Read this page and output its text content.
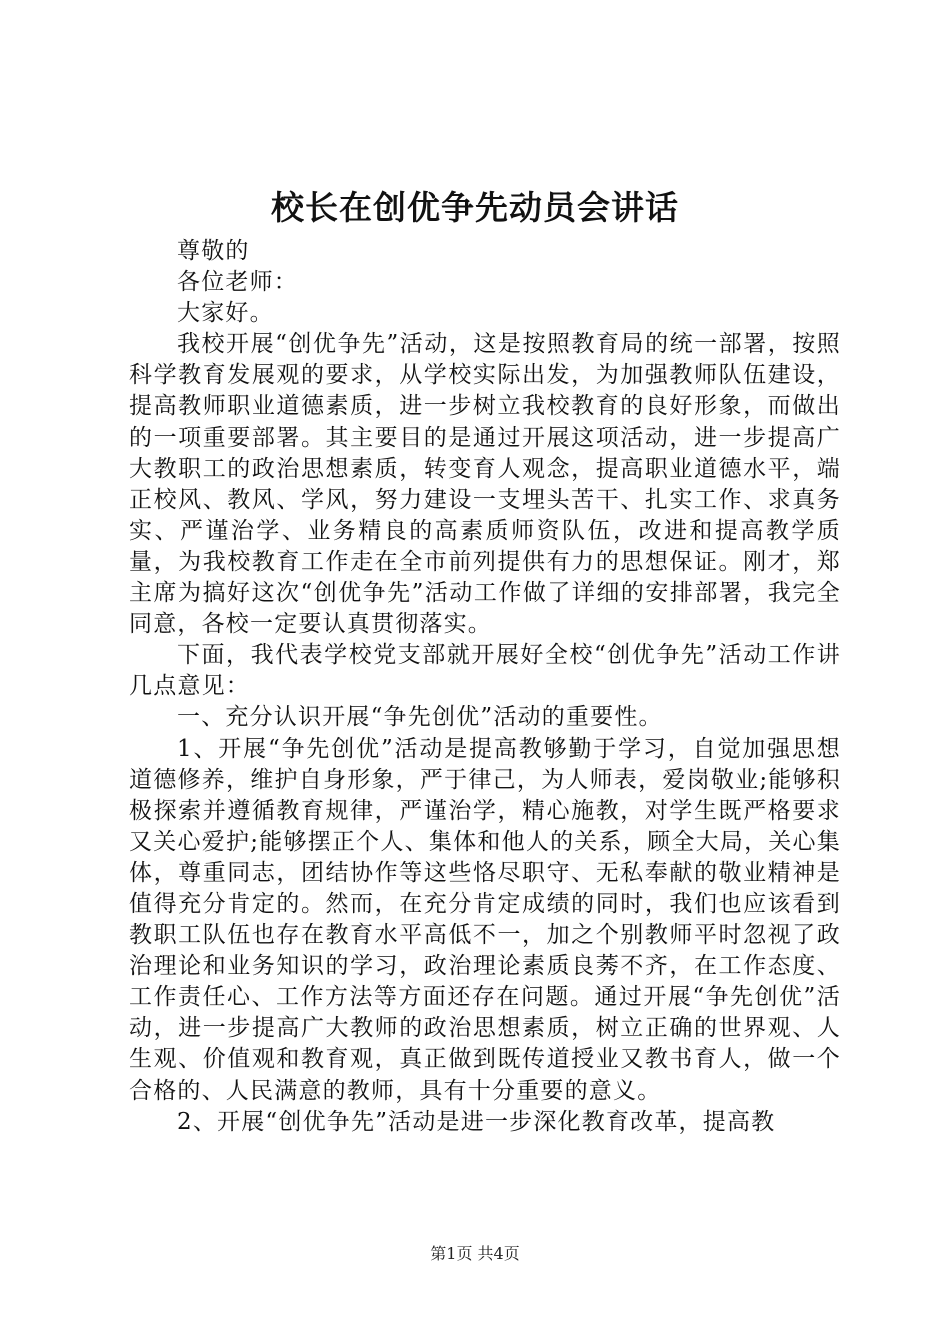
校长在创优争先动员会讲话

尊敬的

各位老师：

大家好。

我校开展“创优争先”活动，这是按照教育局的统一部署，按照科学教育发展观的要求，从学校实际出发，为加强教师队伍建设，提高教师职业道德素质，进一步树立我校教育的良好形象，而做出的一项重要部署。其主要目的是通过开展这项活动，进一步提高广大教职工的政治思想素质，转变育人观念，提高职业道德水平，端正校风、教风、学风，努力建设一支埋头苦干、扎实工作、求真务实、严谨治学、业务精良的高素质师资队伍，改进和提高教学质量，为我校教育工作走在全市前列提供有力的思想保证。刚才，郑主席为搞好这次“创优争先”活动工作做了详细的安排部署，我完全同意，各校一定要认真贯彻落实。

下面，我代表学校党支部就开展好全校“创优争先”活动工作讲几点意见：

一、充分认识开展“争先创优”活动的重要性。

1、开展“争先创优”活动是提高教够勤于学习，自觉加强思想道德修养，维护自身形象，严于律己，为人师表，爱岗敬业;能够积极探索并遵循教育规律，严谨治学，精心施教，对学生既严格要求又关心爱护;能够摆正个人、集体和他人的关系，顾全大局，关心集体，尊重同志，团结协作等这些恪尽职守、无私奉献的敬业精神是值得充分肯定的。然而，在充分肯定成绩的同时，我们也应该看到教职工队伍也存在教育水平高低不一，加之个别教师平时忽视了政治理论和业务知识的学习，政治理论素质良莠不齐，在工作态度、工作责任心、工作方法等方面还存在问题。通过开展“争先创优”活动，进一步提高广大教师的政治思想素质，树立正确的世界观、人生观、价值观和教育观，真正做到既传道授业又教书育人，做一个合格的、人民满意的教师，具有十分重要的意义。

2、开展“创优争先”活动是进一步深化教育改革，提高教

第1页 共4页
